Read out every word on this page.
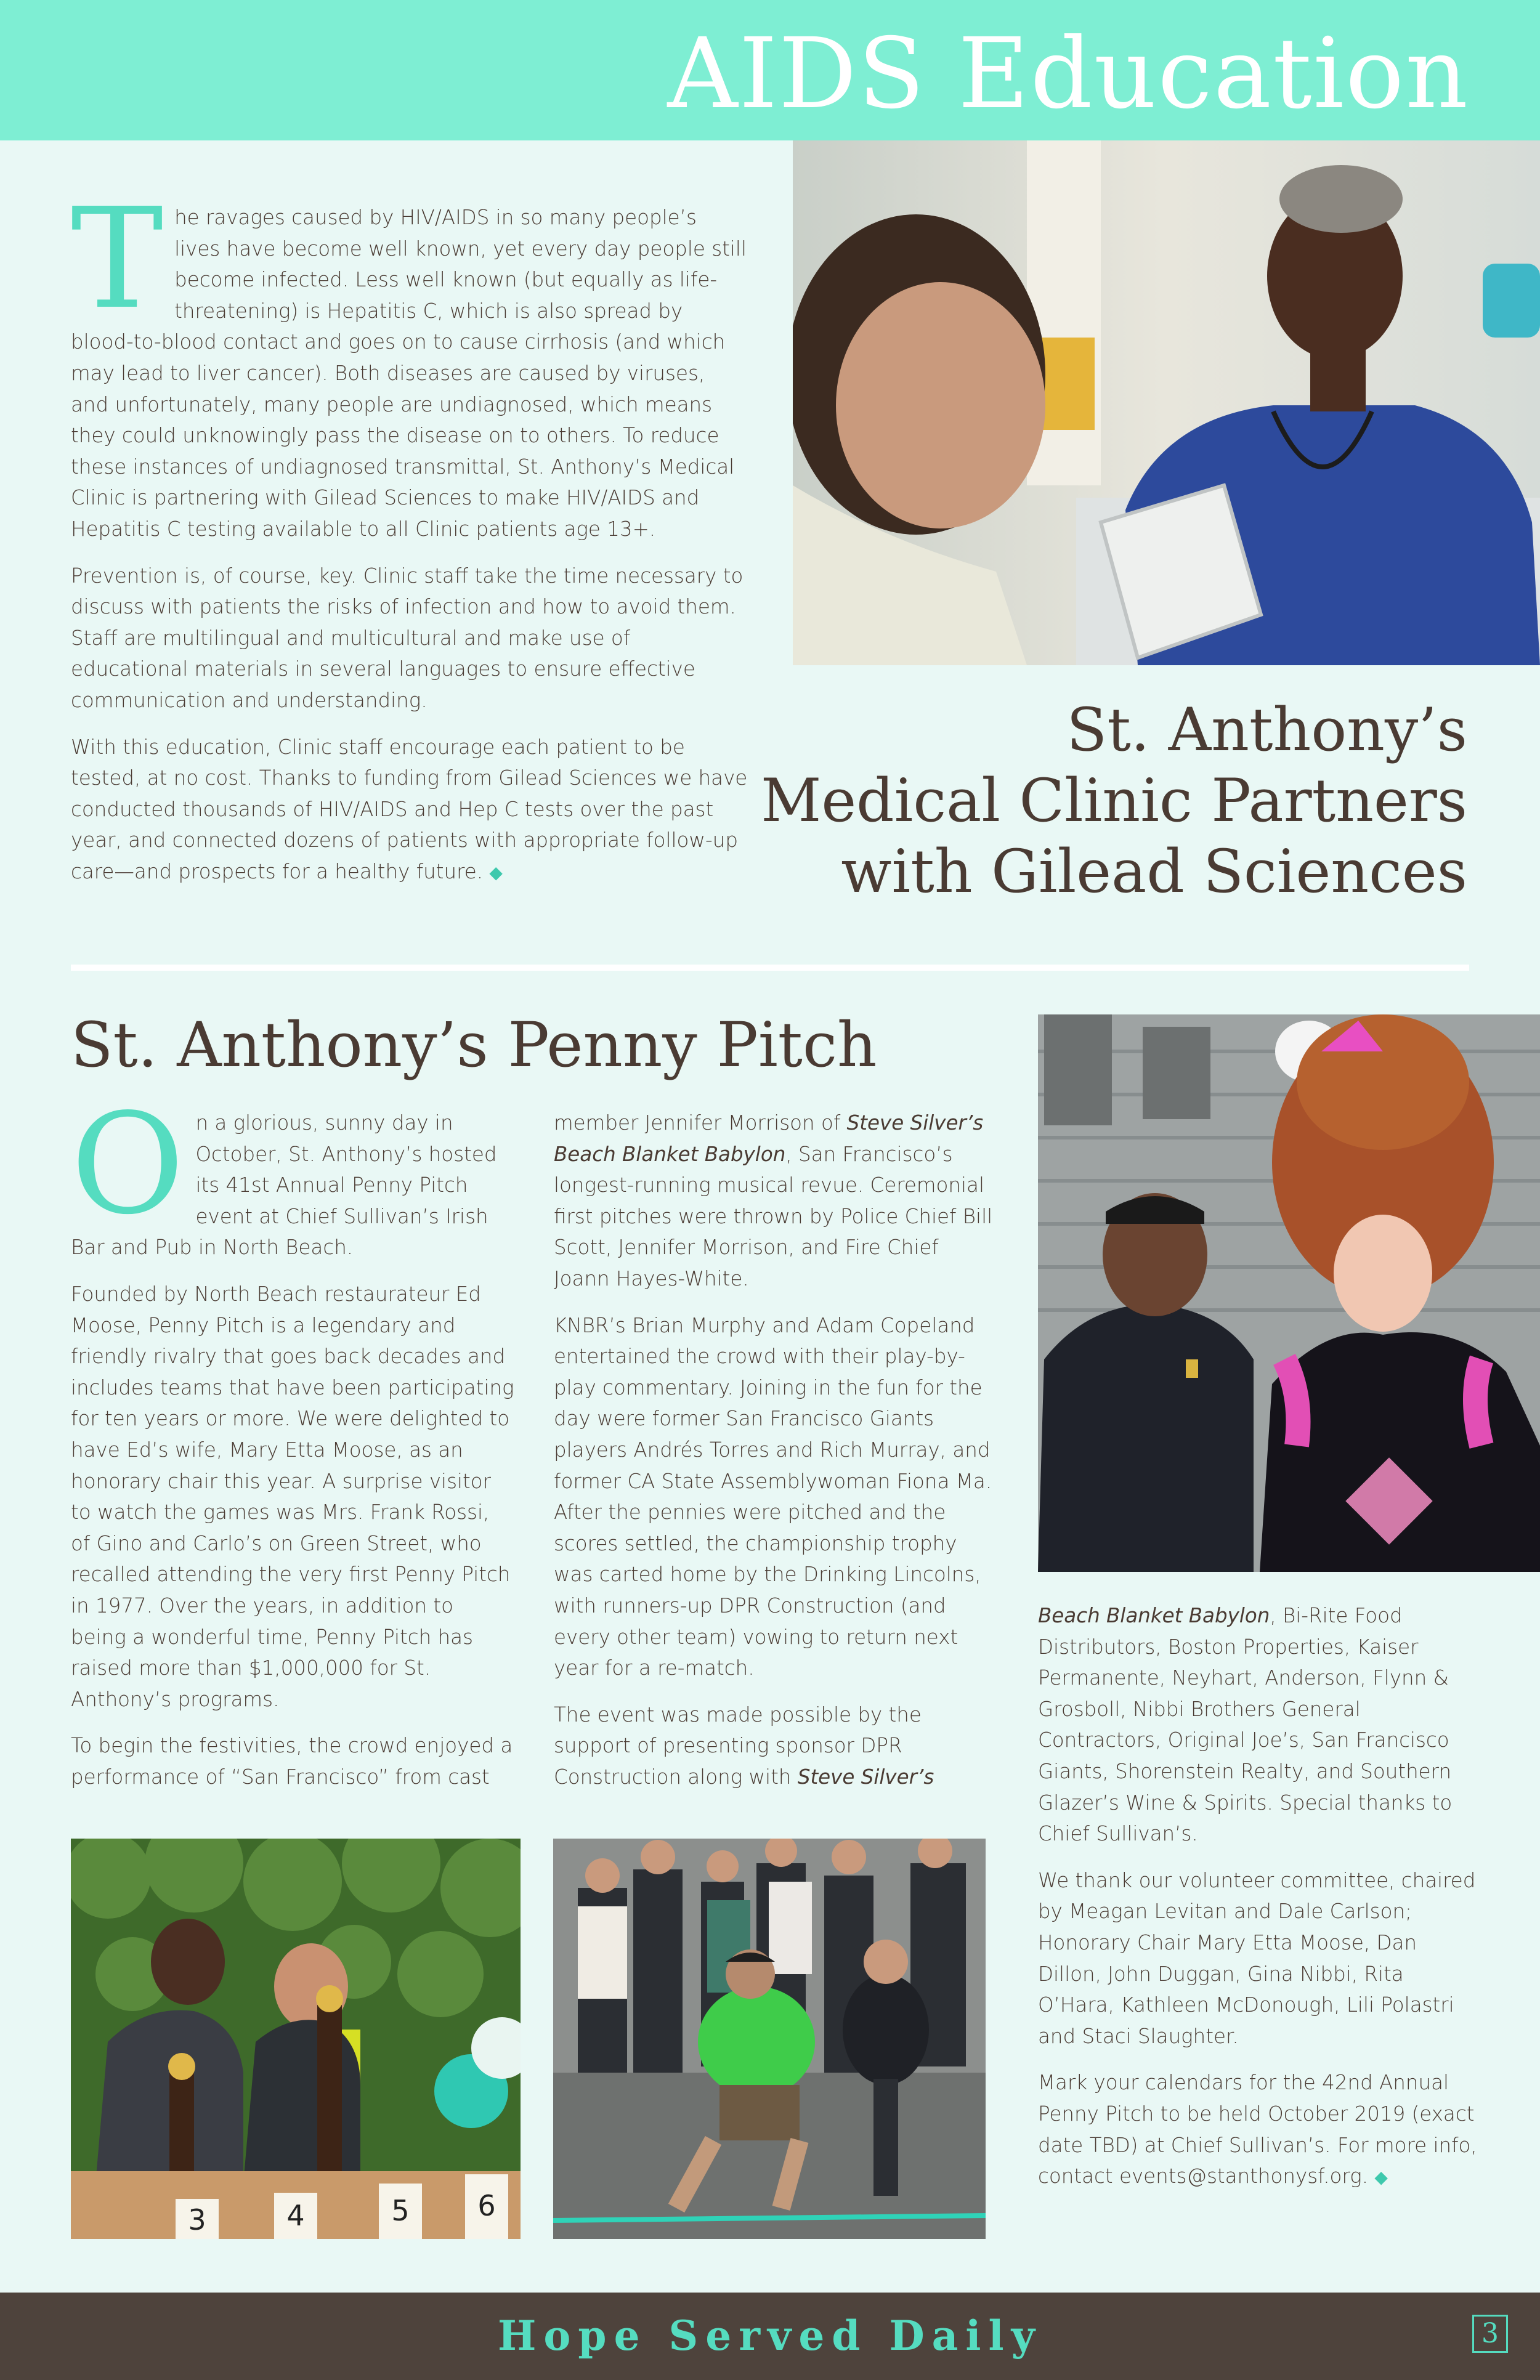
AIDS Education

The ravages caused by HIV/AIDS in so many people’s lives have become well known, yet every day people still become infected. Less well known (but equally as life-threatening) is Hepatitis C, which is also spread by blood-to-blood contact and goes on to cause cirrhosis (and which may lead to liver cancer). Both diseases are caused by viruses, and unfortunately, many people are undiagnosed, which means they could unknowingly pass the disease on to others. To reduce these instances of undiagnosed transmittal, St. Anthony’s Medical Clinic is partnering with Gilead Sciences to make HIV/AIDS and Hepatitis C testing available to all Clinic patients age 13+.

Prevention is, of course, key. Clinic staff take the time necessary to discuss with patients the risks of infection and how to avoid them. Staff are multilingual and multicultural and make use of educational materials in several languages to ensure effective communication and understanding.

With this education, Clinic staff encourage each patient to be tested, at no cost. Thanks to funding from Gilead Sciences we have conducted thousands of HIV/AIDS and Hep C tests over the past year, and connected dozens of patients with appropriate follow-up care—and prospects for a healthy future. ◆

St. Anthony’s
Medical Clinic Partners
with Gilead Sciences
St. Anthony’s Penny Pitch

On a glorious, sunny day in October, St. Anthony’s hosted its 41st Annual Penny Pitch event at Chief Sullivan’s Irish Bar and Pub in North Beach.

Founded by North Beach restaurateur Ed Moose, Penny Pitch is a legendary and friendly rivalry that goes back decades and includes teams that have been participating for ten years or more. We were delighted to have Ed’s wife, Mary Etta Moose, as an honorary chair this year. A surprise visitor to watch the games was Mrs. Frank Rossi, of Gino and Carlo’s on Green Street, who recalled attending the very first Penny Pitch in 1977. Over the years, in addition to being a wonderful time, Penny Pitch has raised more than $1,000,000 for St. Anthony’s programs.

To begin the festivities, the crowd enjoyed a performance of “San Francisco” from cast

member Jennifer Morrison of Steve Silver’s Beach Blanket Babylon, San Francisco’s longest-running musical revue. Ceremonial first pitches were thrown by Police Chief Bill Scott, Jennifer Morrison, and Fire Chief Joann Hayes-White.

KNBR’s Brian Murphy and Adam Copeland entertained the crowd with their play-by-play commentary. Joining in the fun for the day were former San Francisco Giants players Andrés Torres and Rich Murray, and former CA State Assemblywoman Fiona Ma. After the pennies were pitched and the scores settled, the championship trophy was carted home by the Drinking Lincolns, with runners-up DPR Construction (and every other team) vowing to return next year for a re-match.

The event was made possible by the support of presenting sponsor DPR Construction along with Steve Silver’s

Beach Blanket Babylon, Bi-Rite Food Distributors, Boston Properties, Kaiser Permanente, Neyhart, Anderson, Flynn & Grosboll, Nibbi Brothers General Contractors, Original Joe’s, San Francisco Giants, Shorenstein Realty, and Southern Glazer’s Wine & Spirits. Special thanks to Chief Sullivan’s.

We thank our volunteer committee, chaired by Meagan Levitan and Dale Carlson; Honorary Chair Mary Etta Moose, Dan Dillon, John Duggan, Gina Nibbi, Rita O’Hara, Kathleen McDonough, Lili Polastri and Staci Slaughter.

Mark your calendars for the 42nd Annual Penny Pitch to be held October 2019 (exact date TBD) at Chief Sullivan’s. For more info, contact events@stanthonysf.org. ◆

3	4	5 6
Hope Served Daily	3
